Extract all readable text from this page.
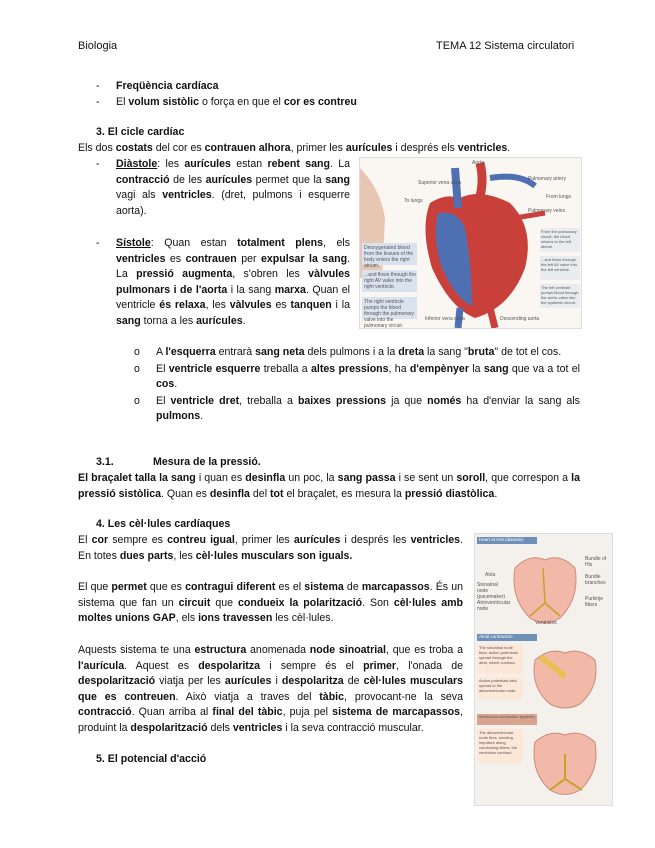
Biologia	TEMA 12 Sistema circulatori
- Freqüència cardíaca
- El volum sistòlic o força en que el cor es contreu
3. El cicle cardíac
Els dos costats del cor es contrauen alhora, primer les aurícules i després els ventricles.
- Diàstole: les aurícules estan rebent sang. La contracció de les aurícules permet que la sang vagi als ventricles. (dret, pulmons i esquerre aorta).
- Sístole: Quan estan totalment plens, els ventricles es contrauen per expulsar la sang. La pressió augmenta, s'obren les vàlvules pulmonars i de l'aorta i la sang marxa. Quan el ventricle és relaxa, les vàlvules es tanquen i la sang torna a les aurícules.
Deoxygenated blood from the tissues of the body enters the right atrium.
...and flows through the right AV valve into the right ventricle.
The right ventricle pumps the blood through the pulmonary valve into the pulmonary circuit.
From the pulmonary circuit, the blood returns to the left atrium.
...and flows through the left AV valve into the left ventricle.
The left ventricle pumps blood through the aortic valve into the systemic circuit.
Superior vena cava
Aorta
Pulmonary artery
Pulmonary veins
Inferior vena cava	Descending aorta
To lungs
From lungs
o A l'esquerra entrarà sang neta dels pulmons i a la dreta la sang "bruta" de tot el cos.
o El ventricle esquerre treballa a altes pressions, ha d'empènyer la sang que va a tot el cos.
o El ventricle dret, treballa a baixes pressions ja que només ha d'enviar la sang als pulmons.
3.1.	Mesura de la pressió.
El braçalet talla la sang i quan es desinfla un poc, la sang passa i se sent un soroll, que correspon a la pressió sistòlica. Quan es desinfla del tot el braçalet, es mesura la pressió diastòlica.
4. Les cèl·lules cardíaques
El cor sempre es contreu igual, primer les aurícules i després les ventricles. En totes dues parts, les cèl·lules musculars son iguals.
El que permet que es contragui diferent es el sistema de marcapassos. És un sistema que fan un circuit que condueix la polarització. Son cèl·lules amb moltes unions GAP, els ions travessen les cèl·lules.
Aquests sistema te una estructura anomenada node sinoatrial, que es troba a l'aurícula. Aquest es despolaritza i sempre és el primer, l'onada de despolarització viatja per les aurícules i despolaritza de cèl·lules musculars que es contreuen. Això viatja a traves del tàbic, provocant-ne la seva contracció. Quan arriba al final del tàbic, puja pel sistema de marcapassos, produint la despolarització dels ventricles i la seva contracció muscular.
5. El potencial d'acció
Heart at rest (diastole)
Atria
Sinoatrial node (pacemaker)
Atrioventricular node
Bundle of His
Bundle branches
Purkinje fibers
Ventricles
Atrial contraction
The sinoatrial node fires; action potentials spread through the atria, which contract.
Action potentials also spread to the atrioventricular node.
Ventricular contraction (systole)
The atrioventricular node fires, sending impulses along conducting fibers; the ventricles contract.
